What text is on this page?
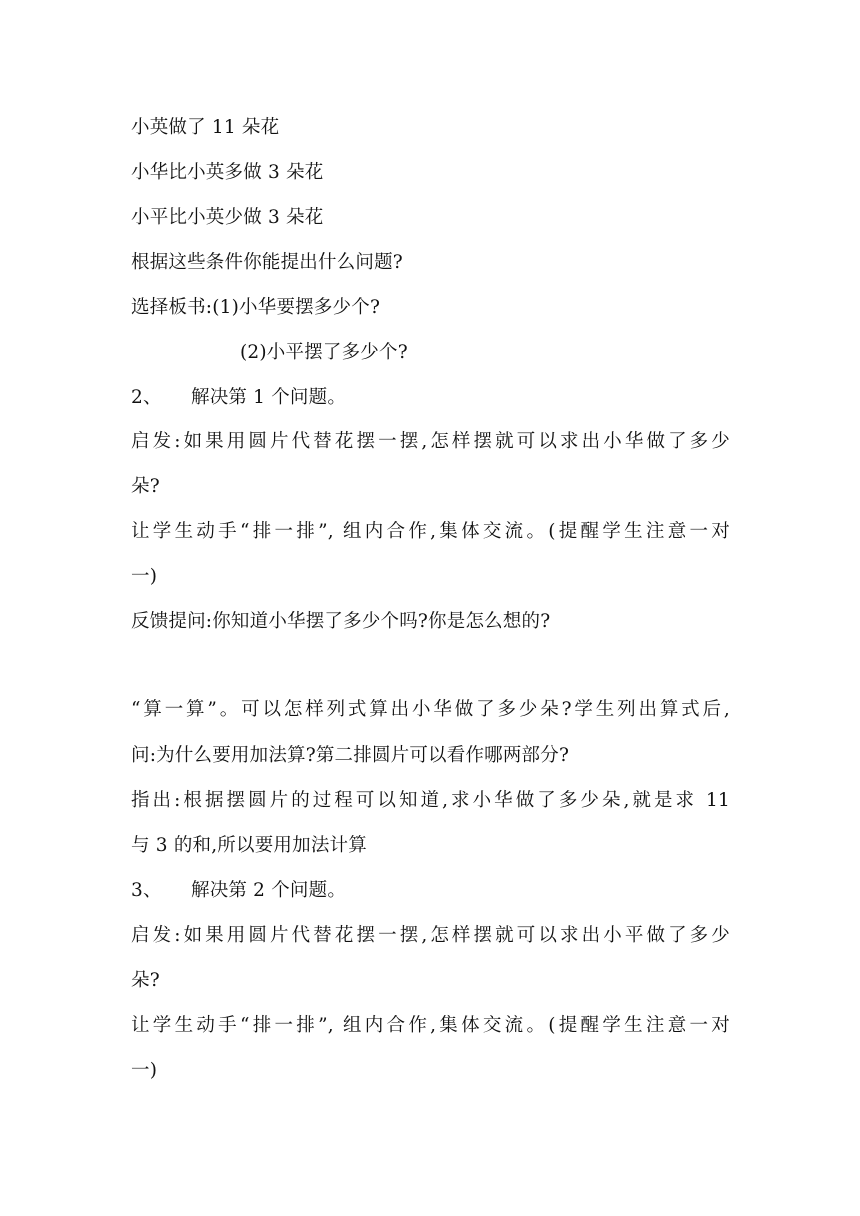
小英做了 11 朵花
小华比小英多做 3 朵花
小平比小英少做 3 朵花
根据这些条件你能提出什么问题?
选择板书:(1)小华要摆多少个?
(2)小平摆了多少个?
2、 解决第 1 个问题。
启发:如果用圆片代替花摆一摆,怎样摆就可以求出小华做了多少
朵?
让学生动手“排一排”, 组内合作,集体交流。(提醒学生注意一对
一)
反馈提问:你知道小华摆了多少个吗?你是怎么想的?
“算一算”。可以怎样列式算出小华做了多少朵?学生列出算式后,
问:为什么要用加法算?第二排圆片可以看作哪两部分?
指出:根据摆圆片的过程可以知道,求小华做了多少朵,就是求 11
与 3 的和,所以要用加法计算
3、 解决第 2 个问题。
启发:如果用圆片代替花摆一摆,怎样摆就可以求出小平做了多少
朵?
让学生动手“排一排”, 组内合作,集体交流。(提醒学生注意一对
一)
